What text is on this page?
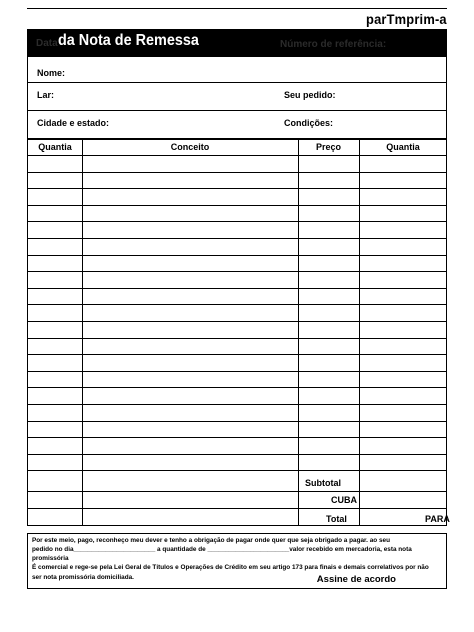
parTmprim-a
Data da Nota de Remessa	Número de referência:
Nome:
Lar:	Seu pedido:
Cidade e estado:	Condições:
Quantia	Conceito	Preço	Quantia
Subtotal
CUBA
Total	PARA
Por este meio, pago, reconheço meu dever e tenho a obrigação de pagar onde quer que seja obrigado a pagar. ao seu
pedido no dia_______________________ a quantidade de _______________________valor recebido em mercadoria, esta nota
promissória
É comercial e rege-se pela Lei Geral de Títulos e Operações de Crédito em seu artigo 173 para finais e demais correlativos por não
ser nota promissória domiciliada.	Assine de acordo
